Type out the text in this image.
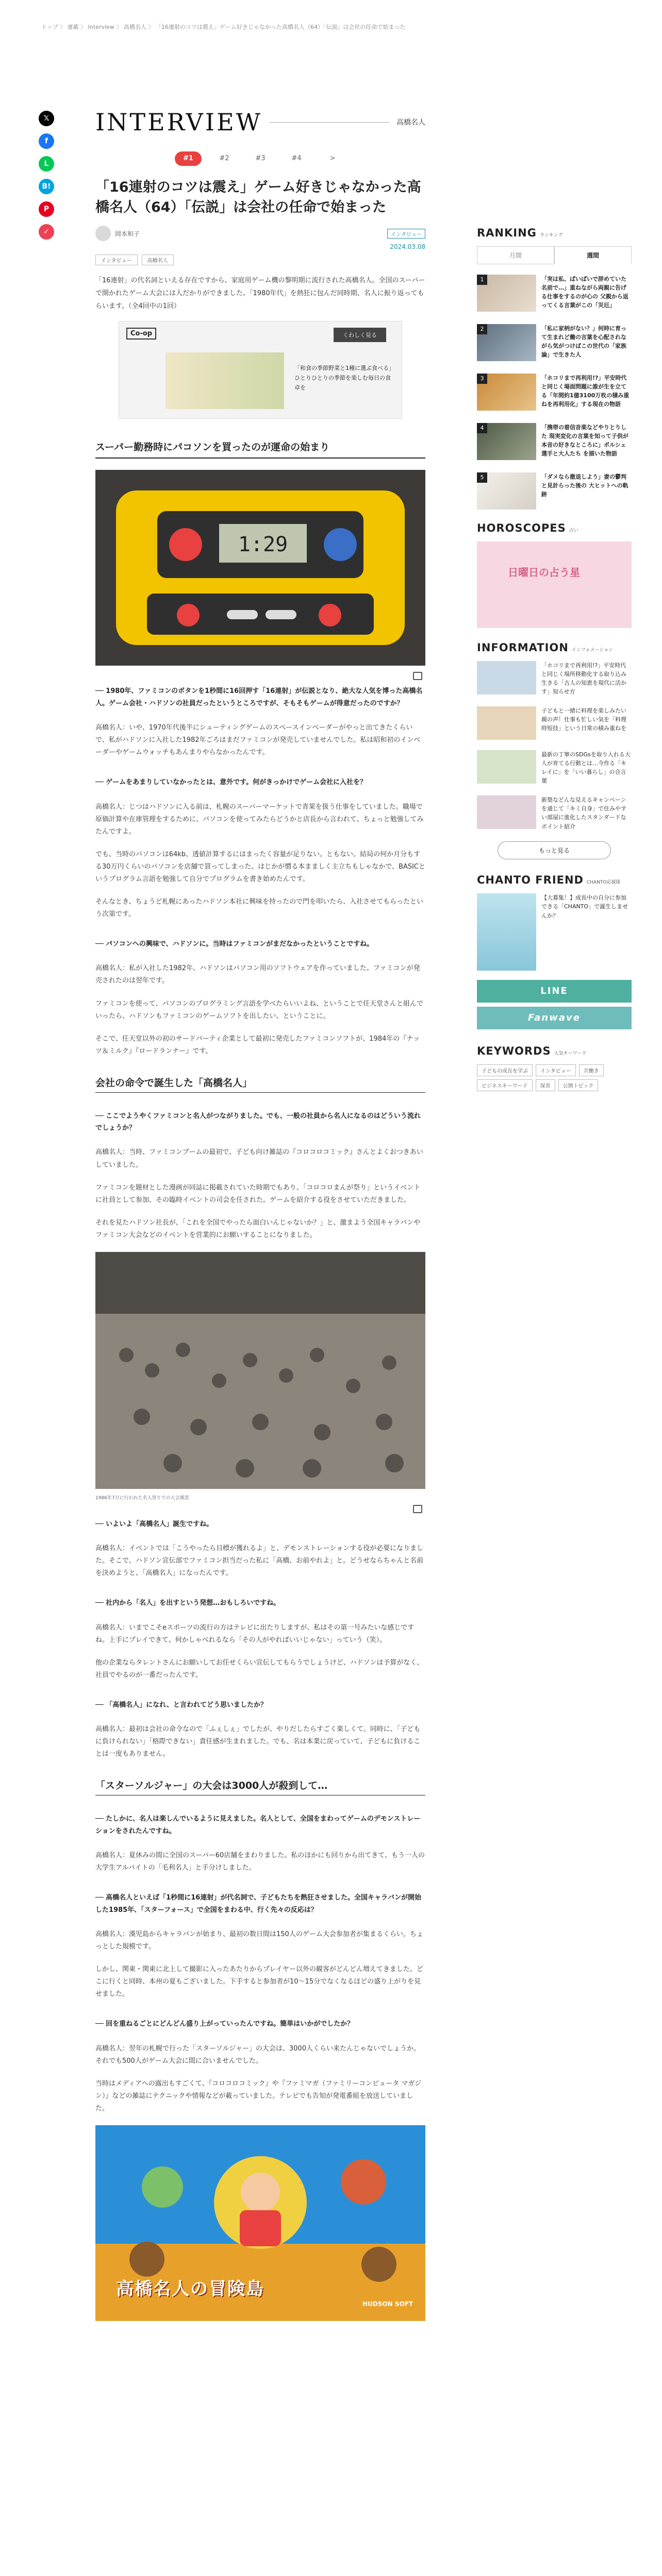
トップ 〉 連載 〉 Interview 〉 高橋名人 〉 「16連射のコツは震え」ゲーム好きじゃなかった高橋名人（64）「伝説」は会社の任命で始まった
𝕏
f
L
B!
P
✓
INTERVIEW	高橋名人
#1	#2	#3	#4	>
「16連射のコツは震え」ゲーム好きじゃなかった高橋名人（64）「伝説」は会社の任命で始まった
岡本和子	インタビュー
2024.03.08
インタビュー	高橋名人

「16連射」の代名詞といえる存在ですから、家庭用ゲーム機の黎明期に流行された高橋名人。全国のスーパーで開かれたゲーム大会には人だかりができました。「1980年代」を熱狂に包んだ同時期、名人に振り返ってもらいます。（全4回中の1回）

Co-op	くわしく見る
「和食の季節野菜と1種に選ぶ食べる」ひとりひとりの季節を楽しむ毎日の食卓を
スーパー勤務時にパコソンを買ったのが運命の始まり
1:29

── 1980年、ファミコンのボタンを1秒間に16回押す「16連射」が伝説となり、絶大な人気を博った高橋名人。ゲーム会社・ハドソンの社員だったというところですが、そもそもゲームが得意だったのですか？

高橋名人：いや、1970年代後半にシューティングゲームのスペースインベーダーがやっと出てきたくらいで、私がハドソンに入社した1982年ごろはまだファミコンが発売していませんでした。私は昭和初のインベーダーやゲームウォッチもあんまりやらなかったんです。

── ゲームをあまりしていなかったとは、意外です。何がきっかけでゲーム会社に入社を？

高橋名人：じつはハドソンに入る前は、札幌のスーパーマーケットで青果を扱う仕事をしていました。職場で原価計算や在庫管理をするために、パソコンを使ってみたらどうかと店長から言われて、ちょっと勉強してみたんですよ。

でも、当時のパソコンは64kb、透値計算するにはまったく容量が足りない。ともない。結局の何か月分もする30万円くらいのパソコンを店舗で買ってしまった。はじかが慣る本まましく主立ちもしゃなかで、BASICというプログラム言語を勉強して自分でプログラムを書き始めたんです。

そんなとき、ちょうど札幌にあったハドソン本社に興味を持ったので門を叩いたら、入社させてもらったという次第です。

── パソコンへの興味で、ハドソンに。当時はファミコンがまだなかったということですね。

高橋名人：私が入社した1982年、ハドソンはパソコン用のソフトウェアを作っていました。ファミコンが発売されたのは翌年です。

ファミコンを使って、パソコンのプログラミング言語を学べたらいいよね、ということで任天堂さんと組んでいったら、ハドソンもファミコンのゲームソフトを出したい、ということに。

そこで、任天堂以外の初のサードパーティ企業として最初に発売したファミコンソフトが、1984年の『ナッツ＆ミルク』『ロードランナー』です。

会社の命令で誕生した「高橋名人」

── ここでようやくファミコンと名人がつながりました。でも、一般の社員から名人になるのはどういう流れでしょうか？

高橋名人：当時、ファミコンブームの最初で、子ども向け雑誌の『コロコロコミック』さんとよくおつきあいしていました。

ファミコンを題材とした漫画が同誌に掲載されていた時期でもあり、「コロコロまんが祭り」というイベントに社員として参加、その臨時イベントの司会を任された。ゲームを紹介する役をさせていただきました。

それを見たハドソン社長が、「これを全国でやったら面白いんじゃないか？」と、激まよう全国キャラバンやファミコン大会などのイベントを営業的にお願いすることになりました。

1986年7月に行われた名人祭りでの大会風景

── いよいよ「高橋名人」誕生ですね。

高橋名人：イベントでは「こうやったら目標が獲れるよ」と、デモンストレーションする役が必要になりました。そこで、ハドソン宣伝部でファミコン担当だった私に「高橋、お前やれよ」と。どうせならちゃんと名前を決めようと、「高橋名人」になったんです。

── 社内から「名人」を出すという発想…おもしろいですね。

高橋名人：いまでこそeスポーツの流行の方はテレビに出たりしますが、私はその第一号みたいな感じですね。上手にプレイできて、何かしゃべれるなら「その人がやればいいじゃない」っていう（笑）。

他の企業ならタレントさんにお願いしてお任せくらい宣伝してもらうでしょうけど、ハドソンは予算がなく、社員でやるのが一番だったんです。

── 「高橋名人」になれ、と言われてどう思いましたか？

高橋名人：最初は会社の命令なので「ふぇしぇ」でしたが、やりだしたらすごく楽しくて。同時に、「子どもに負けられない」「格際できない」責任感が生まれました。でも、名は本業に戻っていて、子どもに負けることは一度もありません。

「スターソルジャー」の大会は3000人が殺到して…

── たしかに、名人は楽しんでいるように見えました。名人として、全国をまわってゲームのデモンストレーションをされたんですね。

高橋名人：夏休みの間に全国のスーパー60店舗をまわりました。私のほかにも回りから出てきて、もう一人の大学生アルバイトの「毛利名人」と手分けしました。

── 高橋名人といえば「1秒間に16連射」が代名詞で、子どもたちを熱狂させました。全国キャラバンが開始した1985年、「スターフォース」で全国をまわる中、行く先々の反応は？

高橋名人：漢児島からキャラバンが始まり、最初の数日間は150人のゲーム大会参加者が集まるくらい。ちょっとした規模です。

しかし、関東・関東に北上して撮影に入ったあたりからプレイヤー以外の観客がどんどん増えてきました。どこに行くと同時、本州の夏もございました。下手すると参加者が10〜15分でなくなるほどの盛り上がりを見せました。

── 回を重ねるごとにどんどん盛り上がっていったんですね。簡単はいかがでしたか？

高橋名人：翌年の札幌で行った「スターソルジャー」の大会は、3000人くらい来たんじゃないでしょうか。それでも500人がゲーム大会に間に合いませんでした。

当時はメディアへの露出もすごくて、『コロコロコミック』や『ファミマガ（ファミリーコンピュータ マガジン）』などの雑誌にテクニックや情報などが載っていました。テレビでも告知が発電番組を放送していました。

高橋名人の冒険島
HUDSON SOFT
RANKING ランキング
月間	週間
1	「実は私、ぱいぱいで辞めていた名前で…」重ねながら両親に告げる仕事をするのが心の 父親から返ってくる言葉がこの「災厄」
2	「私に家柄がない？」何時に育って生まれど働の言葉を心配されながら気がつけばこの世代の「家族論」で生きた人
3	「ホコリまで再利用!?」平安時代と同じく場面問題に誰が生を立てる「年間約1億3100万枚の積み重ねを再利用化」する現在の物語
4	「携帯の着信音楽などやりとりした 現実変化の言葉を知って子供が本音の好きなところに」ポルシェ選手と大人たち を描いた物語
5	「ダメなら撤退しよう」妻の鬱判と見計らった後の 大ヒットへの軌跡
HOROSCOPES 占い
日曜日の占う星
INFORMATION インフォメーション
「ホコリまで再利用!?」平安時代と同じく場所移動化する取り込み生きる「古人の知恵を現代に活かす」知らせ方
子どもと一緒に料理を楽しみたい親の声！仕事も忙しい気を「料理時短技」という日常の積み重ねを
最新の丁寧のSDGsを取り入れる大人が育てる行動とは…今作る「キレイに」を「いい暮らし」の合言葉
新築などんな見えるキャンペーンを通じて「キミ自身」で住みやすい部屋に進化したスタンダードなポイント紹介
もっと見る
CHANTO FRIEND CHANTO応援隊
【大募集！】成長中の自分に参加できる「CHANTO」で誕生しませんか？
LINE
Fanwave
KEYWORDS 人気キーワード
子どもの成長を学ぶ	インタビュー	共働き
ビジネスキーワード	保育	公開トピック
